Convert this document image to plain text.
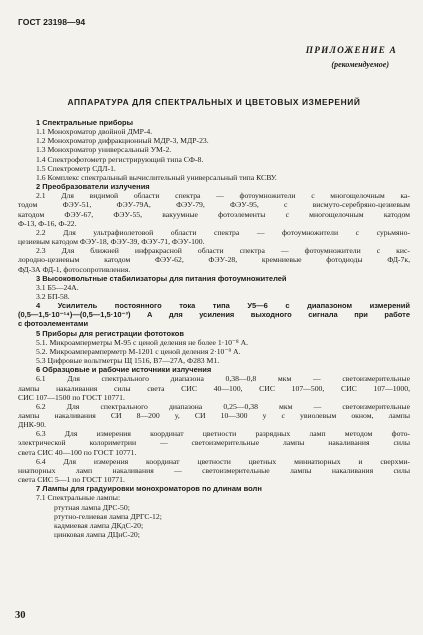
ГОСТ 23198—94
ПРИЛОЖЕНИЕ А
(рекомендуемое)
АППАРАТУРА ДЛЯ СПЕКТРАЛЬНЫХ И ЦВЕТОВЫХ ИЗМЕРЕНИЙ
1 Спектральные приборы
1.1 Монохроматор двойной ДМР-4.
1.2 Монохроматор дифракционный МДР-3, МДР-23.
1.3 Монохроматор универсальный УМ-2.
1.4 Спектрофотометр регистрирующий типа СФ-8.
1.5 Спектрометр СДЛ-1.
1.6 Комплекс спектральный вычислительный универсальный типа КСВУ.
2 Преобразователи излучения
2.1 Для видимой области спектра — фотоумножители с многощелочным ка-
тодом ФЭУ-51, ФЭУ-79А, ФЭУ-79, ФЭУ-95, с висмуто-серебряно-цезиевым
катодом ФЭУ-67, ФЭУ-55, вакуумные фотоэлементы с многощелочным катодом
Ф-13, Ф-16, Ф-22.
2.2 Для ультрафиолетовой области спектра — фотоумножители с сурьмяно-
цезиевым катодом ФЭУ-18, ФЭУ-39, ФЭУ-71, ФЭУ-100.
2.3 Для ближней инфракрасной области спектра — фотоумножители с кис-
лородно-цезиевым катодом ФЭУ-62, ФЭУ-28, кремниевые фотодиоды ФД-7к,
ФД-3А ФД-1, фотосопротивления.
3 Высоковольтные стабилизаторы для питания фотоумножителей
3.1 Б5—24А.
3.2 БП-58.
4 Усилитель постоянного тока типа У5—6 с диапазоном измерений
(0,5—1,5·10⁻¹⁴)—(0,5—1,5·10⁻³) А для усиления выходного сигнала при работе
с фотоэлементами
5 Приборы для регистрации фототоков
5.1. Микроамперметры М-95 с ценой деления не более 1·10⁻⁸ А.
5.2. Микроамперамперметр М-1201 с ценой деления 2·10⁻⁹ А.
5.3 Цифровые вольтметры Щ 1516, В7—27А, Ф283 М1.
6 Образцовые и рабочие источники излучения
6.1 Для спектрального диапазона 0,38—0,8 мкм — светоизмерительные
лампы накаливания силы света СИС 40—100, СИС 107—500, СИС 107—1000,
СИС 107—1500 по ГОСТ 10771.
6.2 Для спектрального диапазона 0,25—0,38 мкм — светоизмерительные
лампы накаливания СИ 8—200 у, СИ 10—300 у с увиолевым окном, лампы
ДНК-90.
6.3 Для измерения координат цветности разрядных ламп методом фото-
электрической колориметрии — светоизмерительные лампы накаливания силы
света СИС 40—100 по ГОСТ 10771.
6.4 Для измерения координат цветности цветных миниатюрных и сверхми-
ниатюрных ламп накаливания — светоизмерительные лампы накаливания силы
света СИС 5—1 по ГОСТ 10771.
7 Лампы для градуировки монохроматоров по длинам волн
7.1 Спектральные лампы:
ртутная лампа ДРС-50;
ртутно-гелиевая лампа ДРГС-12;
кадмиевая лампа ДКдС-20;
цинковая лампа ДЦнС-20;
30
